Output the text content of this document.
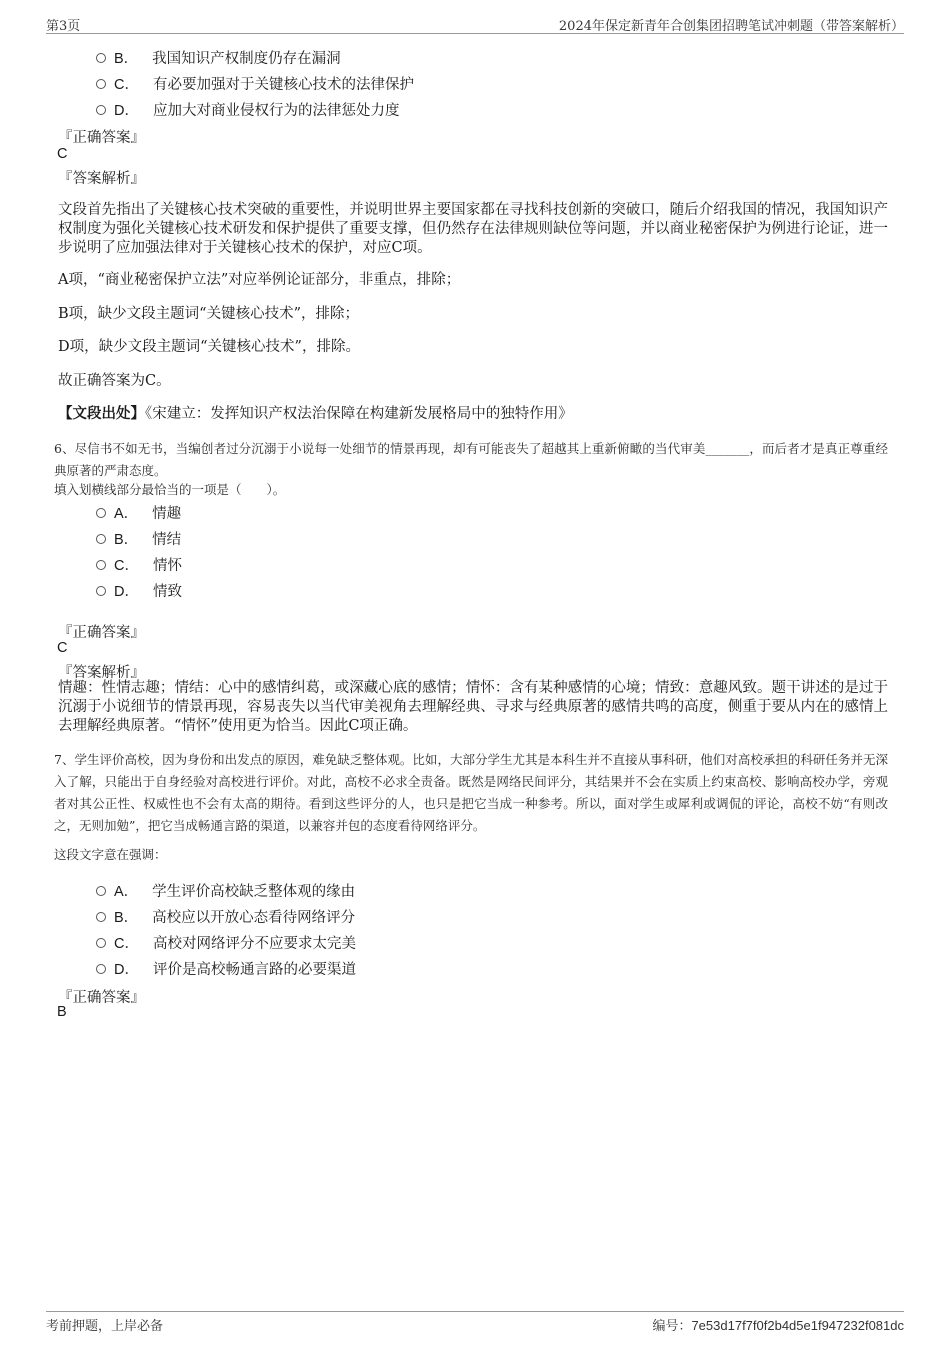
第3页	2024年保定新青年合创集团招聘笔试冲刺题（带答案解析）
B． 我国知识产权制度仍存在漏洞
C． 有必要加强对于关键核心技术的法律保护
D． 应加大对商业侵权行为的法律惩处力度
『正确答案』
C
『答案解析』
文段首先指出了关键核心技术突破的重要性，并说明世界主要国家都在寻找科技创新的突破口，随后介绍我国的情况，我国知识产权制度为强化关键核心技术研发和保护提供了重要支撑，但仍然存在法律规则缺位等问题，并以商业秘密保护为例进行论证，进一步说明了应加强法律对于关键核心技术的保护，对应C项。
A项，“商业秘密保护立法”对应举例论证部分，非重点，排除；
B项，缺少文段主题词“关键核心技术”，排除；
D项，缺少文段主题词“关键核心技术”，排除。
故正确答案为C。
【文段出处】《宋建立：发挥知识产权法治保障在构建新发展格局中的独特作用》
6、尽信书不如无书，当编创者过分沉溺于小说每一处细节的情景再现，却有可能丧失了超越其上重新俯瞰的当代审美_______，而后者才是真正尊重经典原著的严肃态度。
填入划横线部分最恰当的一项是（　　）。
A． 情趣
B． 情结
C． 情怀
D． 情致
『正确答案』
C
『答案解析』
情趣：性情志趣；情结：心中的感情纠葛，或深藏心底的感情；情怀：含有某种感情的心境；情致：意趣风致。题干讲述的是过于沉溺于小说细节的情景再现，容易丧失以当代审美视角去理解经典、寻求与经典原著的感情共鸣的高度，侧重于要从内在的感情上去理解经典原著。“情怀”使用更为恰当。因此C项正确。
7、学生评价高校，因为身份和出发点的原因，难免缺乏整体观。比如，大部分学生尤其是本科生并不直接从事科研，他们对高校承担的科研任务并无深入了解，只能出于自身经验对高校进行评价。对此，高校不必求全责备。既然是网络民间评分，其结果并不会在实质上约束高校、影响高校办学，旁观者对其公正性、权威性也不会有太高的期待。看到这些评分的人，也只是把它当成一种参考。所以，面对学生或犀利或调侃的评论，高校不妨“有则改之，无则加勉”，把它当成畅通言路的渠道，以兼容并包的态度看待网络评分。
这段文字意在强调：
A． 学生评价高校缺乏整体观的缘由
B． 高校应以开放心态看待网络评分
C． 高校对网络评分不应要求太完美
D． 评价是高校畅通言路的必要渠道
『正确答案』
B
考前押题，上岸必备	编号：7e53d17f7f0f2b4d5e1f947232f081dc
